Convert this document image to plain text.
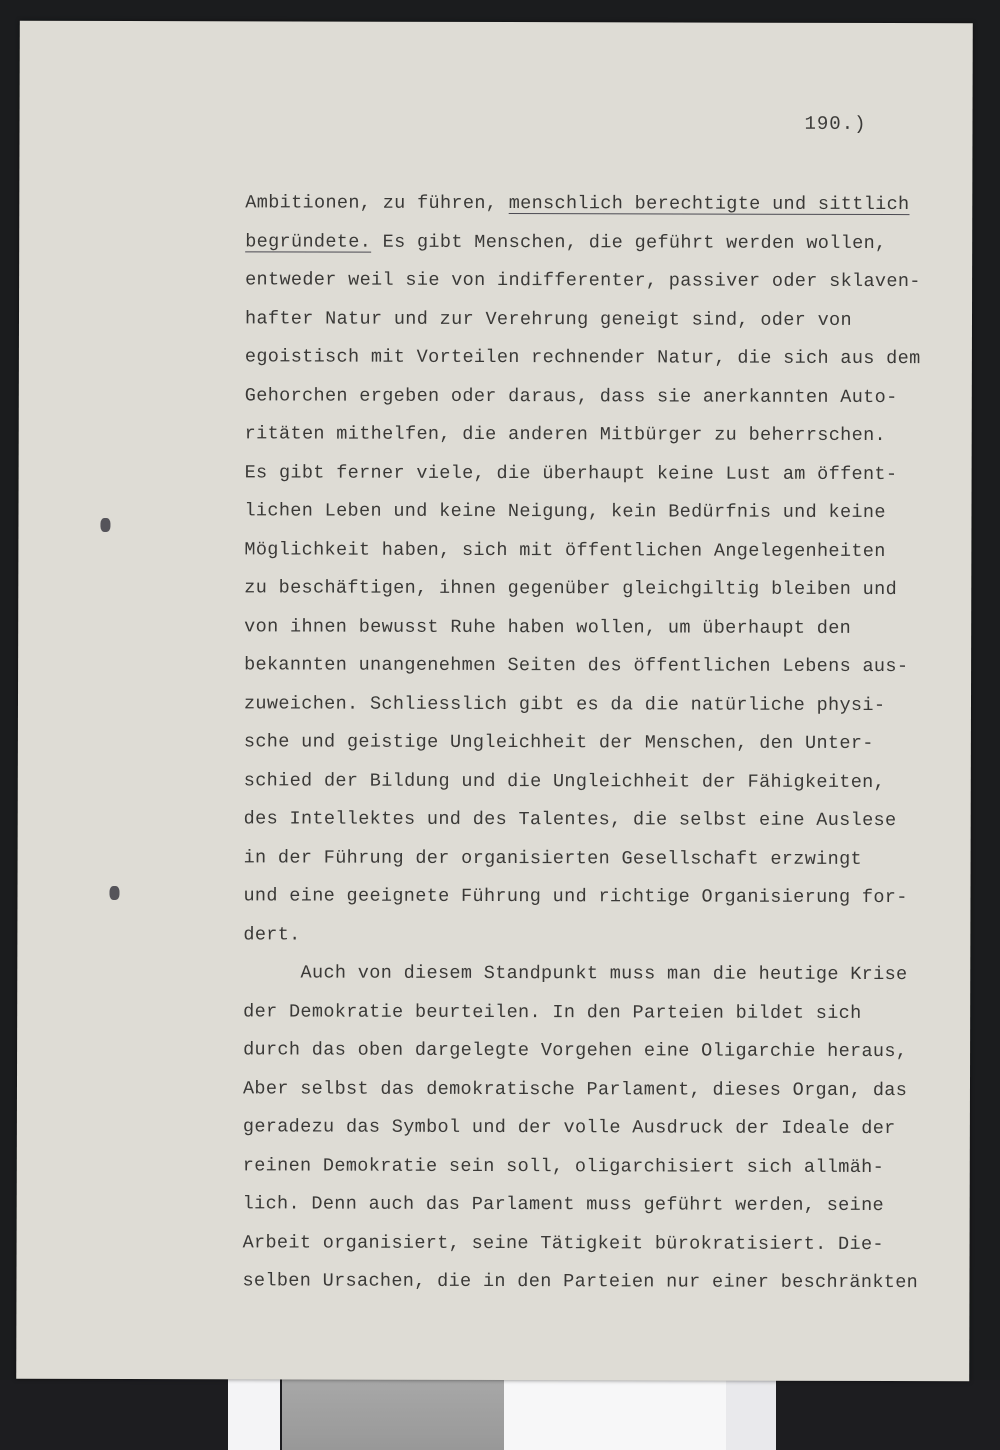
190.)
Ambitionen, zu führen, menschlich berechtigte und sittlich
begründete. Es gibt Menschen, die geführt werden wollen,
entweder weil sie von indifferenter, passiver oder sklaven-
hafter Natur und zur Verehrung geneigt sind, oder von
egoistisch mit Vorteilen rechnender Natur, die sich aus dem
Gehorchen ergeben oder daraus, dass sie anerkannten Auto-
ritäten mithelfen, die anderen Mitbürger zu beherrschen.
Es gibt ferner viele, die überhaupt keine Lust am öffent-
lichen Leben und keine Neigung, kein Bedürfnis und keine
Möglichkeit haben, sich mit öffentlichen Angelegenheiten
zu beschäftigen, ihnen gegenüber gleichgiltig bleiben und
von ihnen bewusst Ruhe haben wollen, um überhaupt den
bekannten unangenehmen Seiten des öffentlichen Lebens aus-
zuweichen. Schliesslich gibt es da die natürliche physi-
sche und geistige Ungleichheit der Menschen, den Unter-
schied der Bildung und die Ungleichheit der Fähigkeiten,
des Intellektes und des Talentes, die selbst eine Auslese
in der Führung der organisierten Gesellschaft erzwingt
und eine geeignete Führung und richtige Organisierung for-
dert.
Auch von diesem Standpunkt muss man die heutige Krise
der Demokratie beurteilen. In den Parteien bildet sich
durch das oben dargelegte Vorgehen eine Oligarchie heraus,
Aber selbst das demokratische Parlament, dieses Organ, das
geradezu das Symbol und der volle Ausdruck der Ideale der
reinen Demokratie sein soll, oligarchisiert sich allmäh-
lich. Denn auch das Parlament muss geführt werden, seine
Arbeit organisiert, seine Tätigkeit bürokratisiert. Die-
selben Ursachen, die in den Parteien nur einer beschränkten
